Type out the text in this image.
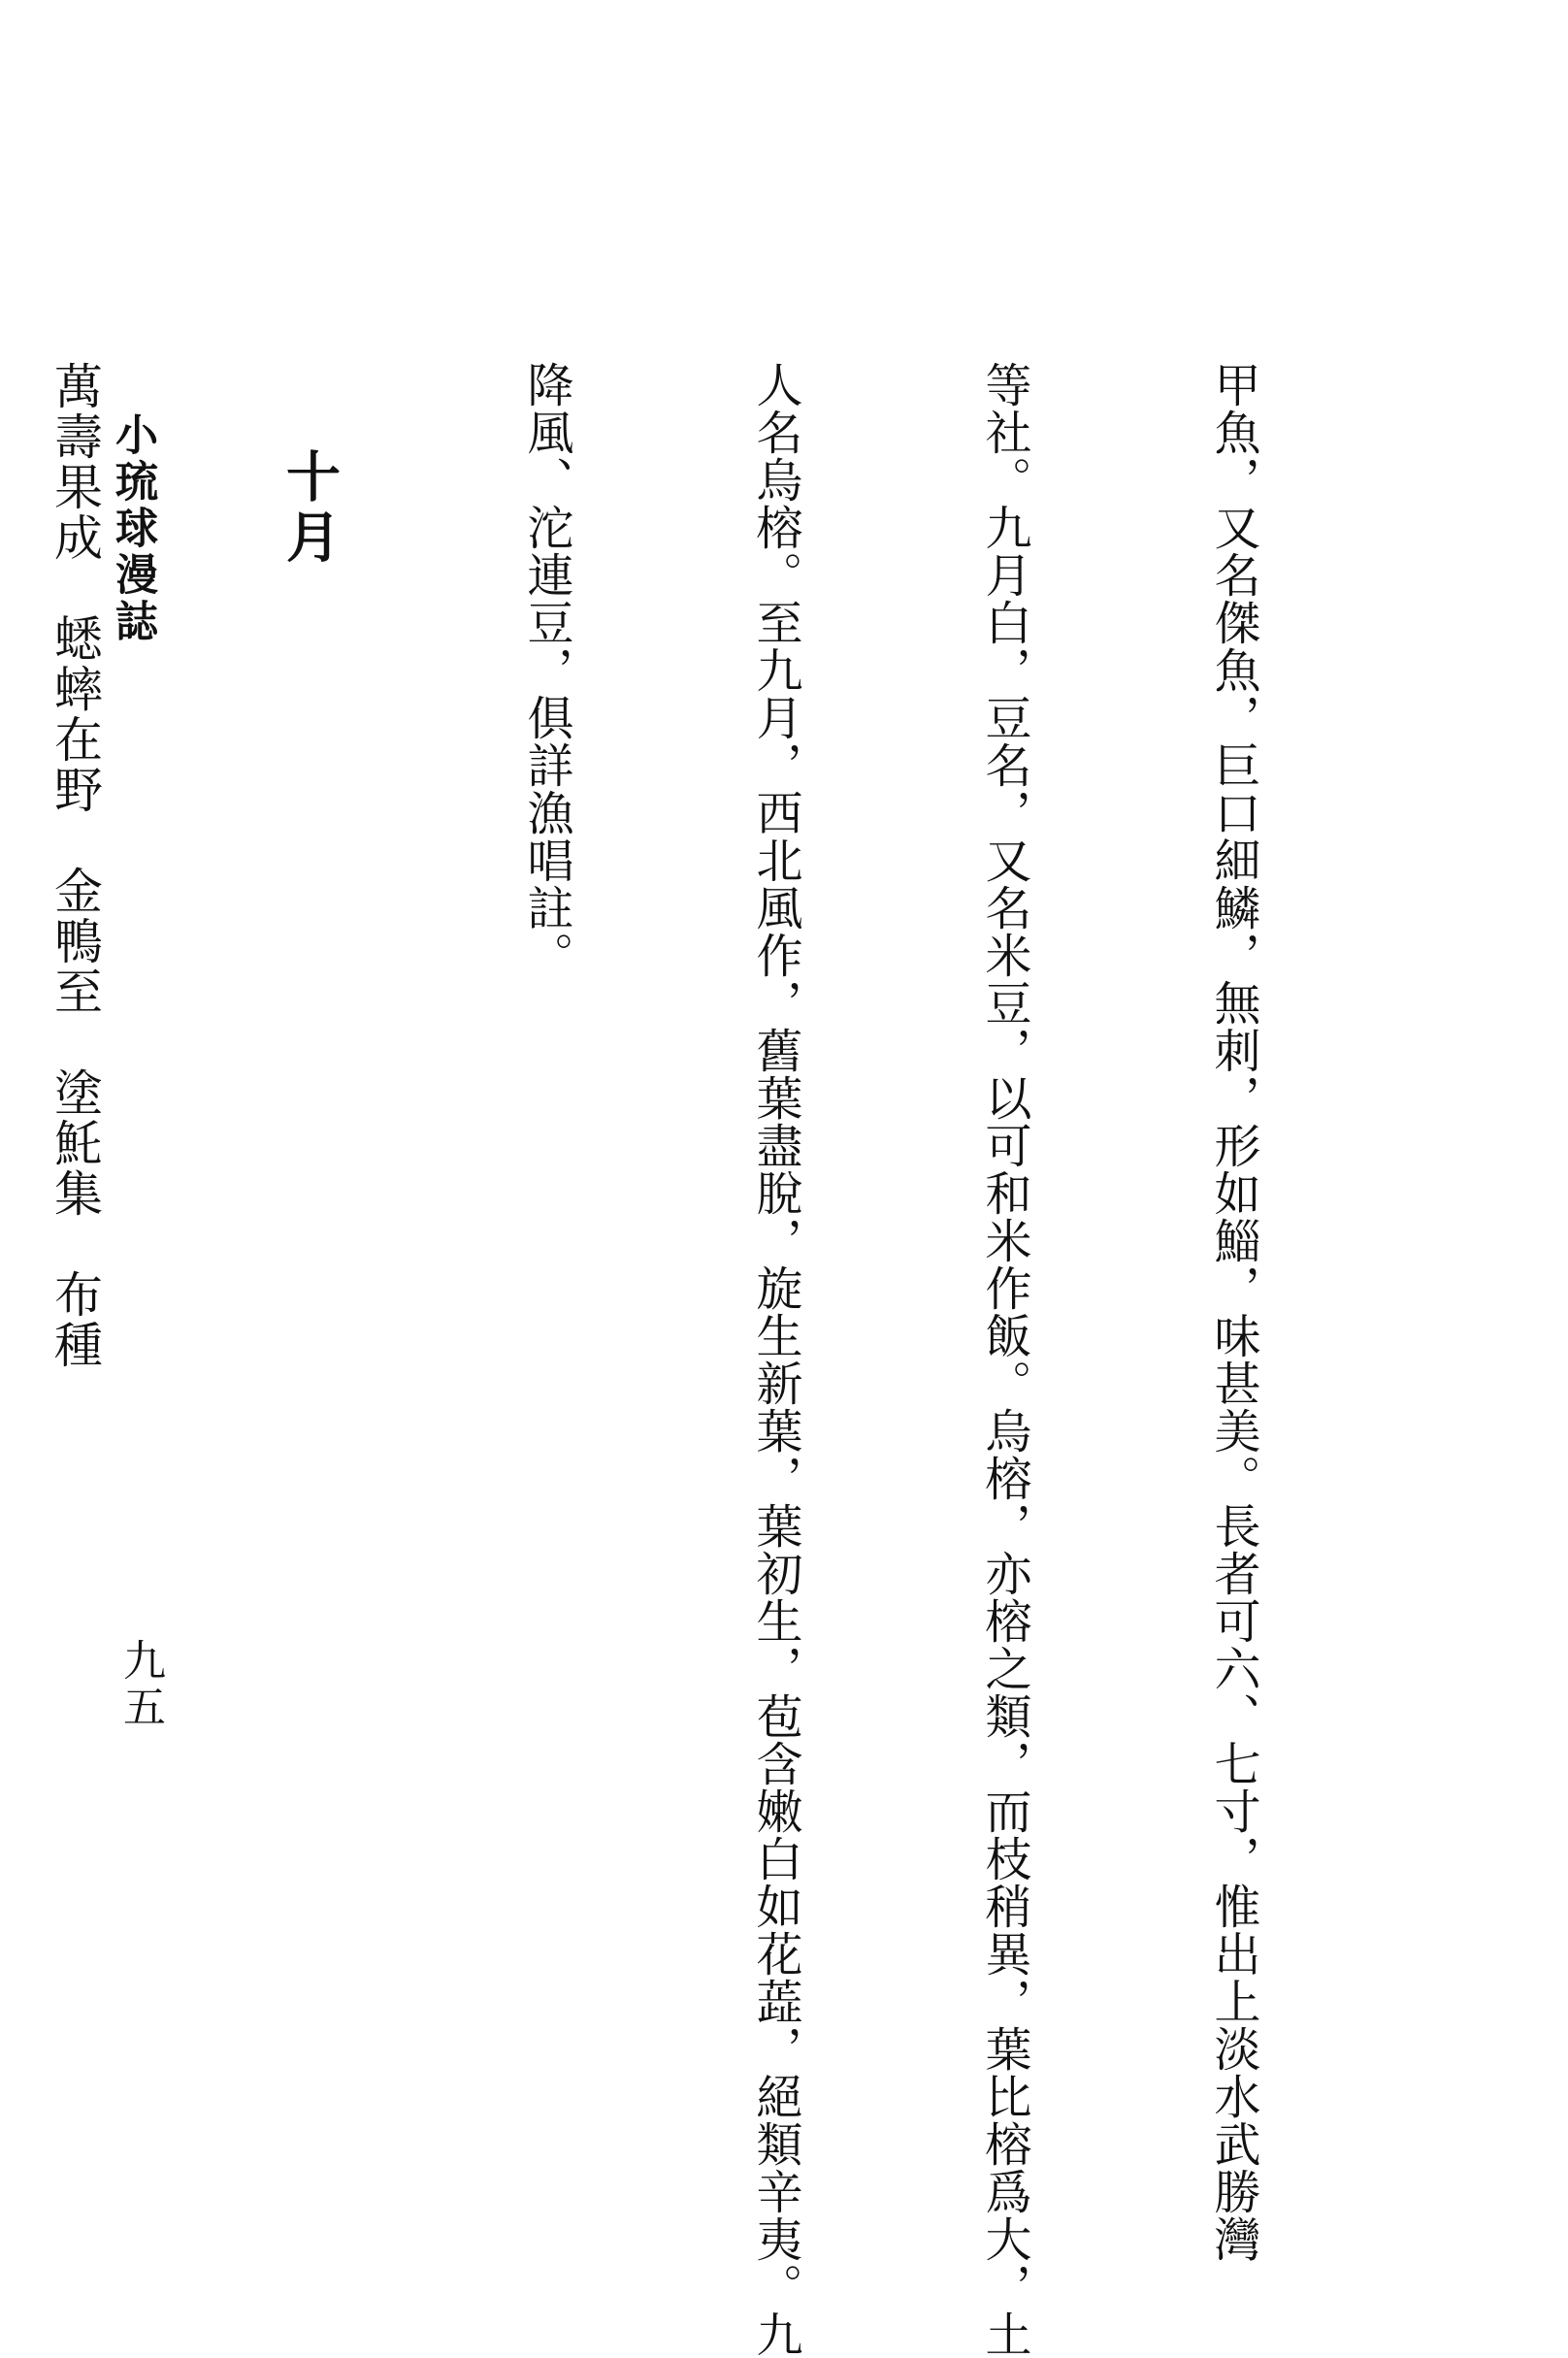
甲魚，又名傑魚，巨口細鱗，無刺，形如鯔，味甚美。長者可六、七寸，惟出上淡水武勝灣

等社。九月白，豆名，又名米豆，以可和米作飯。烏榕，亦榕之類，而枝稍異，葉比榕爲大，土

人名烏榕。至九月，西北風作，舊葉盡脫，旋生新葉，葉初生，苞含嫩白如花蕋，絕類辛夷。九

降風、沱連豆，俱詳漁唱註。

十月

萬壽果成　蟋蟀在野　金鴨至　塗魠集　布種

小琉球漫誌
九五
